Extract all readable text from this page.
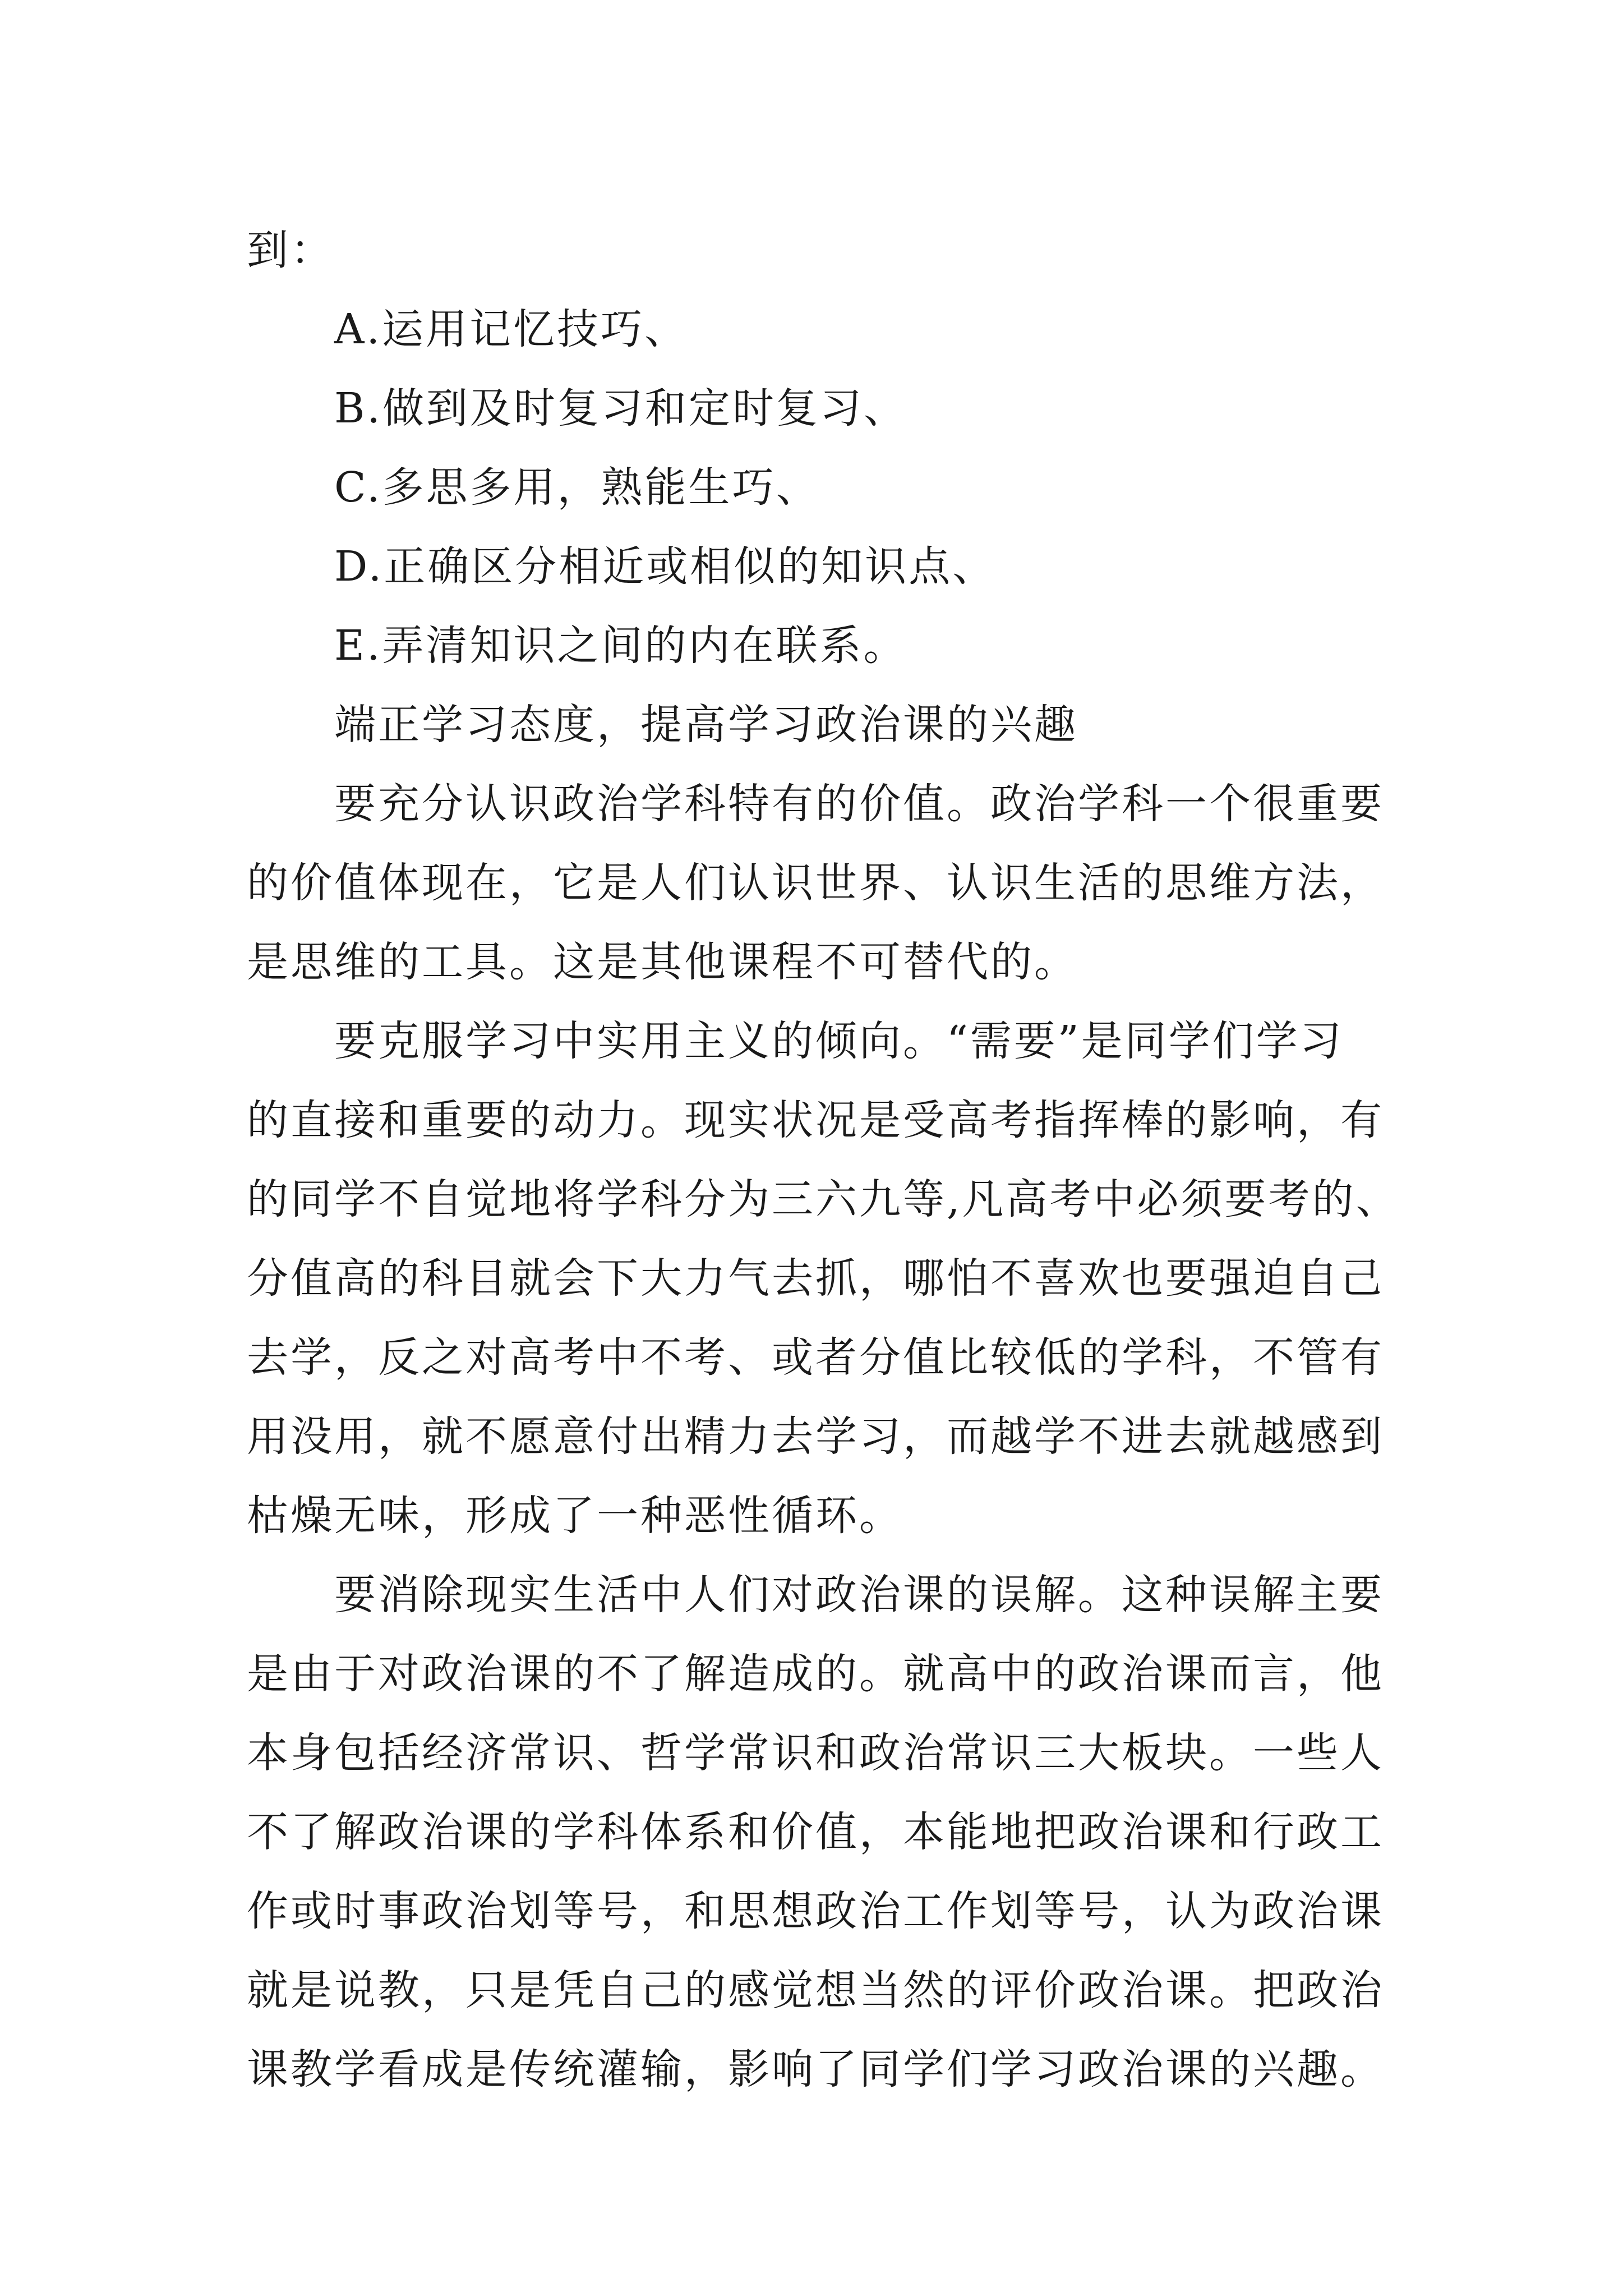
到：
A.运用记忆技巧、
B.做到及时复习和定时复习、
C.多思多用，熟能生巧、
D.正确区分相近或相似的知识点、
E.弄清知识之间的内在联系。
端正学习态度，提高学习政治课的兴趣
要充分认识政治学科特有的价值。政治学科一个很重要
的价值体现在，它是人们认识世界、认识生活的思维方法，
是思维的工具。这是其他课程不可替代的。
要克服学习中实用主义的倾向。“需要”是同学们学习
的直接和重要的动力。现实状况是受高考指挥棒的影响，有
的同学不自觉地将学科分为三六九等,凡高考中必须要考的、
分值高的科目就会下大力气去抓，哪怕不喜欢也要强迫自己
去学，反之对高考中不考、或者分值比较低的学科，不管有
用没用，就不愿意付出精力去学习，而越学不进去就越感到
枯燥无味，形成了一种恶性循环。
要消除现实生活中人们对政治课的误解。这种误解主要
是由于对政治课的不了解造成的。就高中的政治课而言，他
本身包括经济常识、哲学常识和政治常识三大板块。一些人
不了解政治课的学科体系和价值，本能地把政治课和行政工
作或时事政治划等号，和思想政治工作划等号，认为政治课
就是说教，只是凭自己的感觉想当然的评价政治课。把政治
课教学看成是传统灌输，影响了同学们学习政治课的兴趣。
